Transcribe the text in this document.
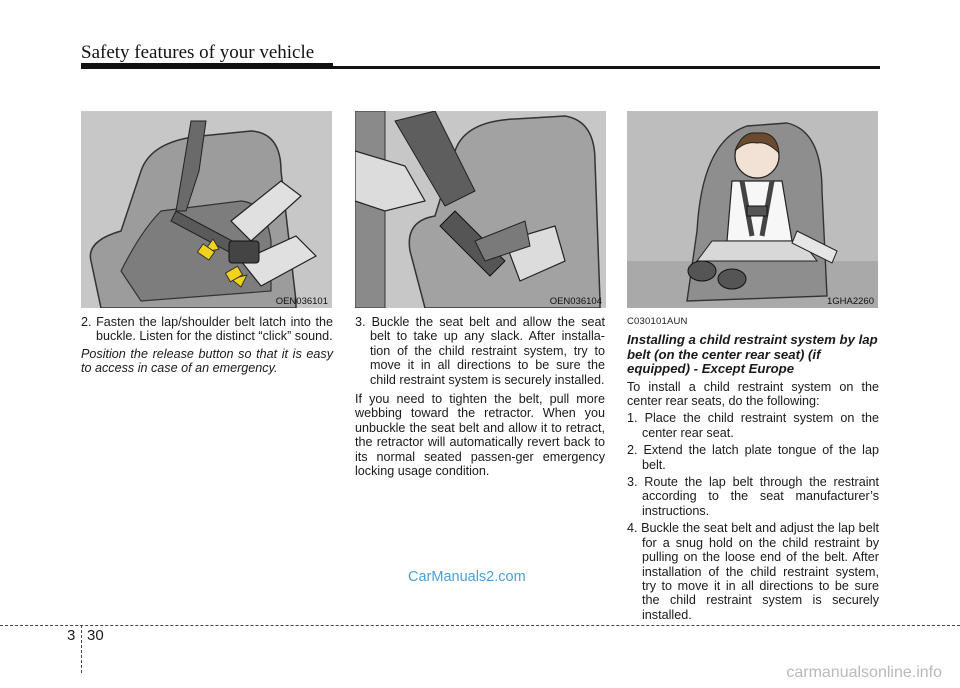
Safety features of your vehicle
OEN036101	OEN036104	1GHA2260

2. Fasten the lap/shoulder belt latch into the buckle. Listen for the distinct “click” sound.

Position the release button so that it is easy to access in case of an emergency.

3. Buckle the seat belt and allow the seat belt to take up any slack. After installa-tion of the child restraint system, try to move it in all directions to be sure the child restraint system is securely installed.

If you need to tighten the belt, pull more webbing toward the retractor. When you unbuckle the seat belt and allow it to retract, the retractor will automatically revert back to its normal seated passen-ger emergency locking usage condition.

C030101AUN

Installing a child restraint system by lap belt (on the center rear seat) (if equipped) - Except Europe

To install a child restraint system on the center rear seats, do the following:

1. Place the child restraint system on the center rear seat.

2. Extend the latch plate tongue of the lap belt.

3. Route the lap belt through the restraint according to the seat manufacturer’s instructions.

4. Buckle the seat belt and adjust the lap belt for a snug hold on the child restraint by pulling on the loose end of the belt. After installation of the child restraint system, try to move it in all directions to be sure the child restraint system is securely installed.

CarManuals2.com
3 30
carmanualsonline.info
